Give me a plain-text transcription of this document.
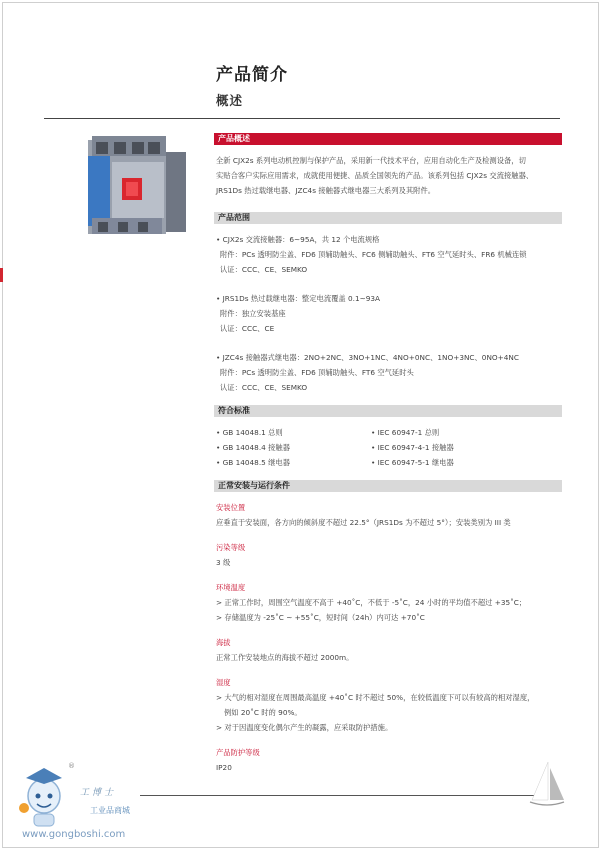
产品简介
概述
产品概述
全新 CJX2s 系列电动机控制与保护产品，采用新一代技术平台，应用自动化生产及检测设备，切
实贴合客户实际应用需求，成就使用便捷、品质全国领先的产品。该系列包括 CJX2s 交流接触器、
JRS1Ds 热过载继电器、JZC4s 接触器式继电器三大系列及其附件。
产品范围
• CJX2s 交流接触器：6~95A，共 12 个电流规格
附件：PCs 透明防尘盖、FD6 顶辅助触头、FC6 侧辅助触头、FT6 空气延时头、FR6 机械连锁
认证：CCC、CE、SEMKO
• JRS1Ds 热过载继电器：整定电流覆盖 0.1~93A
附件：独立安装基座
认证：CCC、CE
• JZC4s 接触器式继电器：2NO+2NC、3NO+1NC、4NO+0NC、1NO+3NC、0NO+4NC
附件：PCs 透明防尘盖、FD6 顶辅助触头、FT6 空气延时头
认证：CCC、CE、SEMKO
符合标准
• GB 14048.1 总则	• IEC 60947-1 总则
• GB 14048.4 接触器	• IEC 60947-4-1 接触器
• GB 14048.5 继电器	• IEC 60947-5-1 继电器
正常安装与运行条件
安装位置
应垂直于安装面，各方向的倾斜度不超过 22.5°（JRS1Ds 为不超过 5°）；安装类别为 III 类
污染等级
3 级
环境温度
> 正常工作时，周围空气温度不高于 +40˚C，不低于 -5˚C，24 小时的平均值不超过 +35˚C；
> 存储温度为 -25˚C ~ +55˚C，短时间（24h）内可达 +70˚C
海拔
正常工作安装地点的海拔不超过 2000m。
湿度
> 大气的相对湿度在周围最高温度 +40˚C 时不超过 50%，在较低温度下可以有较高的相对湿度，
例如 20˚C 时的 90%。
> 对于因温度变化偶尔产生的凝露，应采取防护措施。
产品防护等级
IP20
®
工博士
工业品商城
www.gongboshi.com
01
